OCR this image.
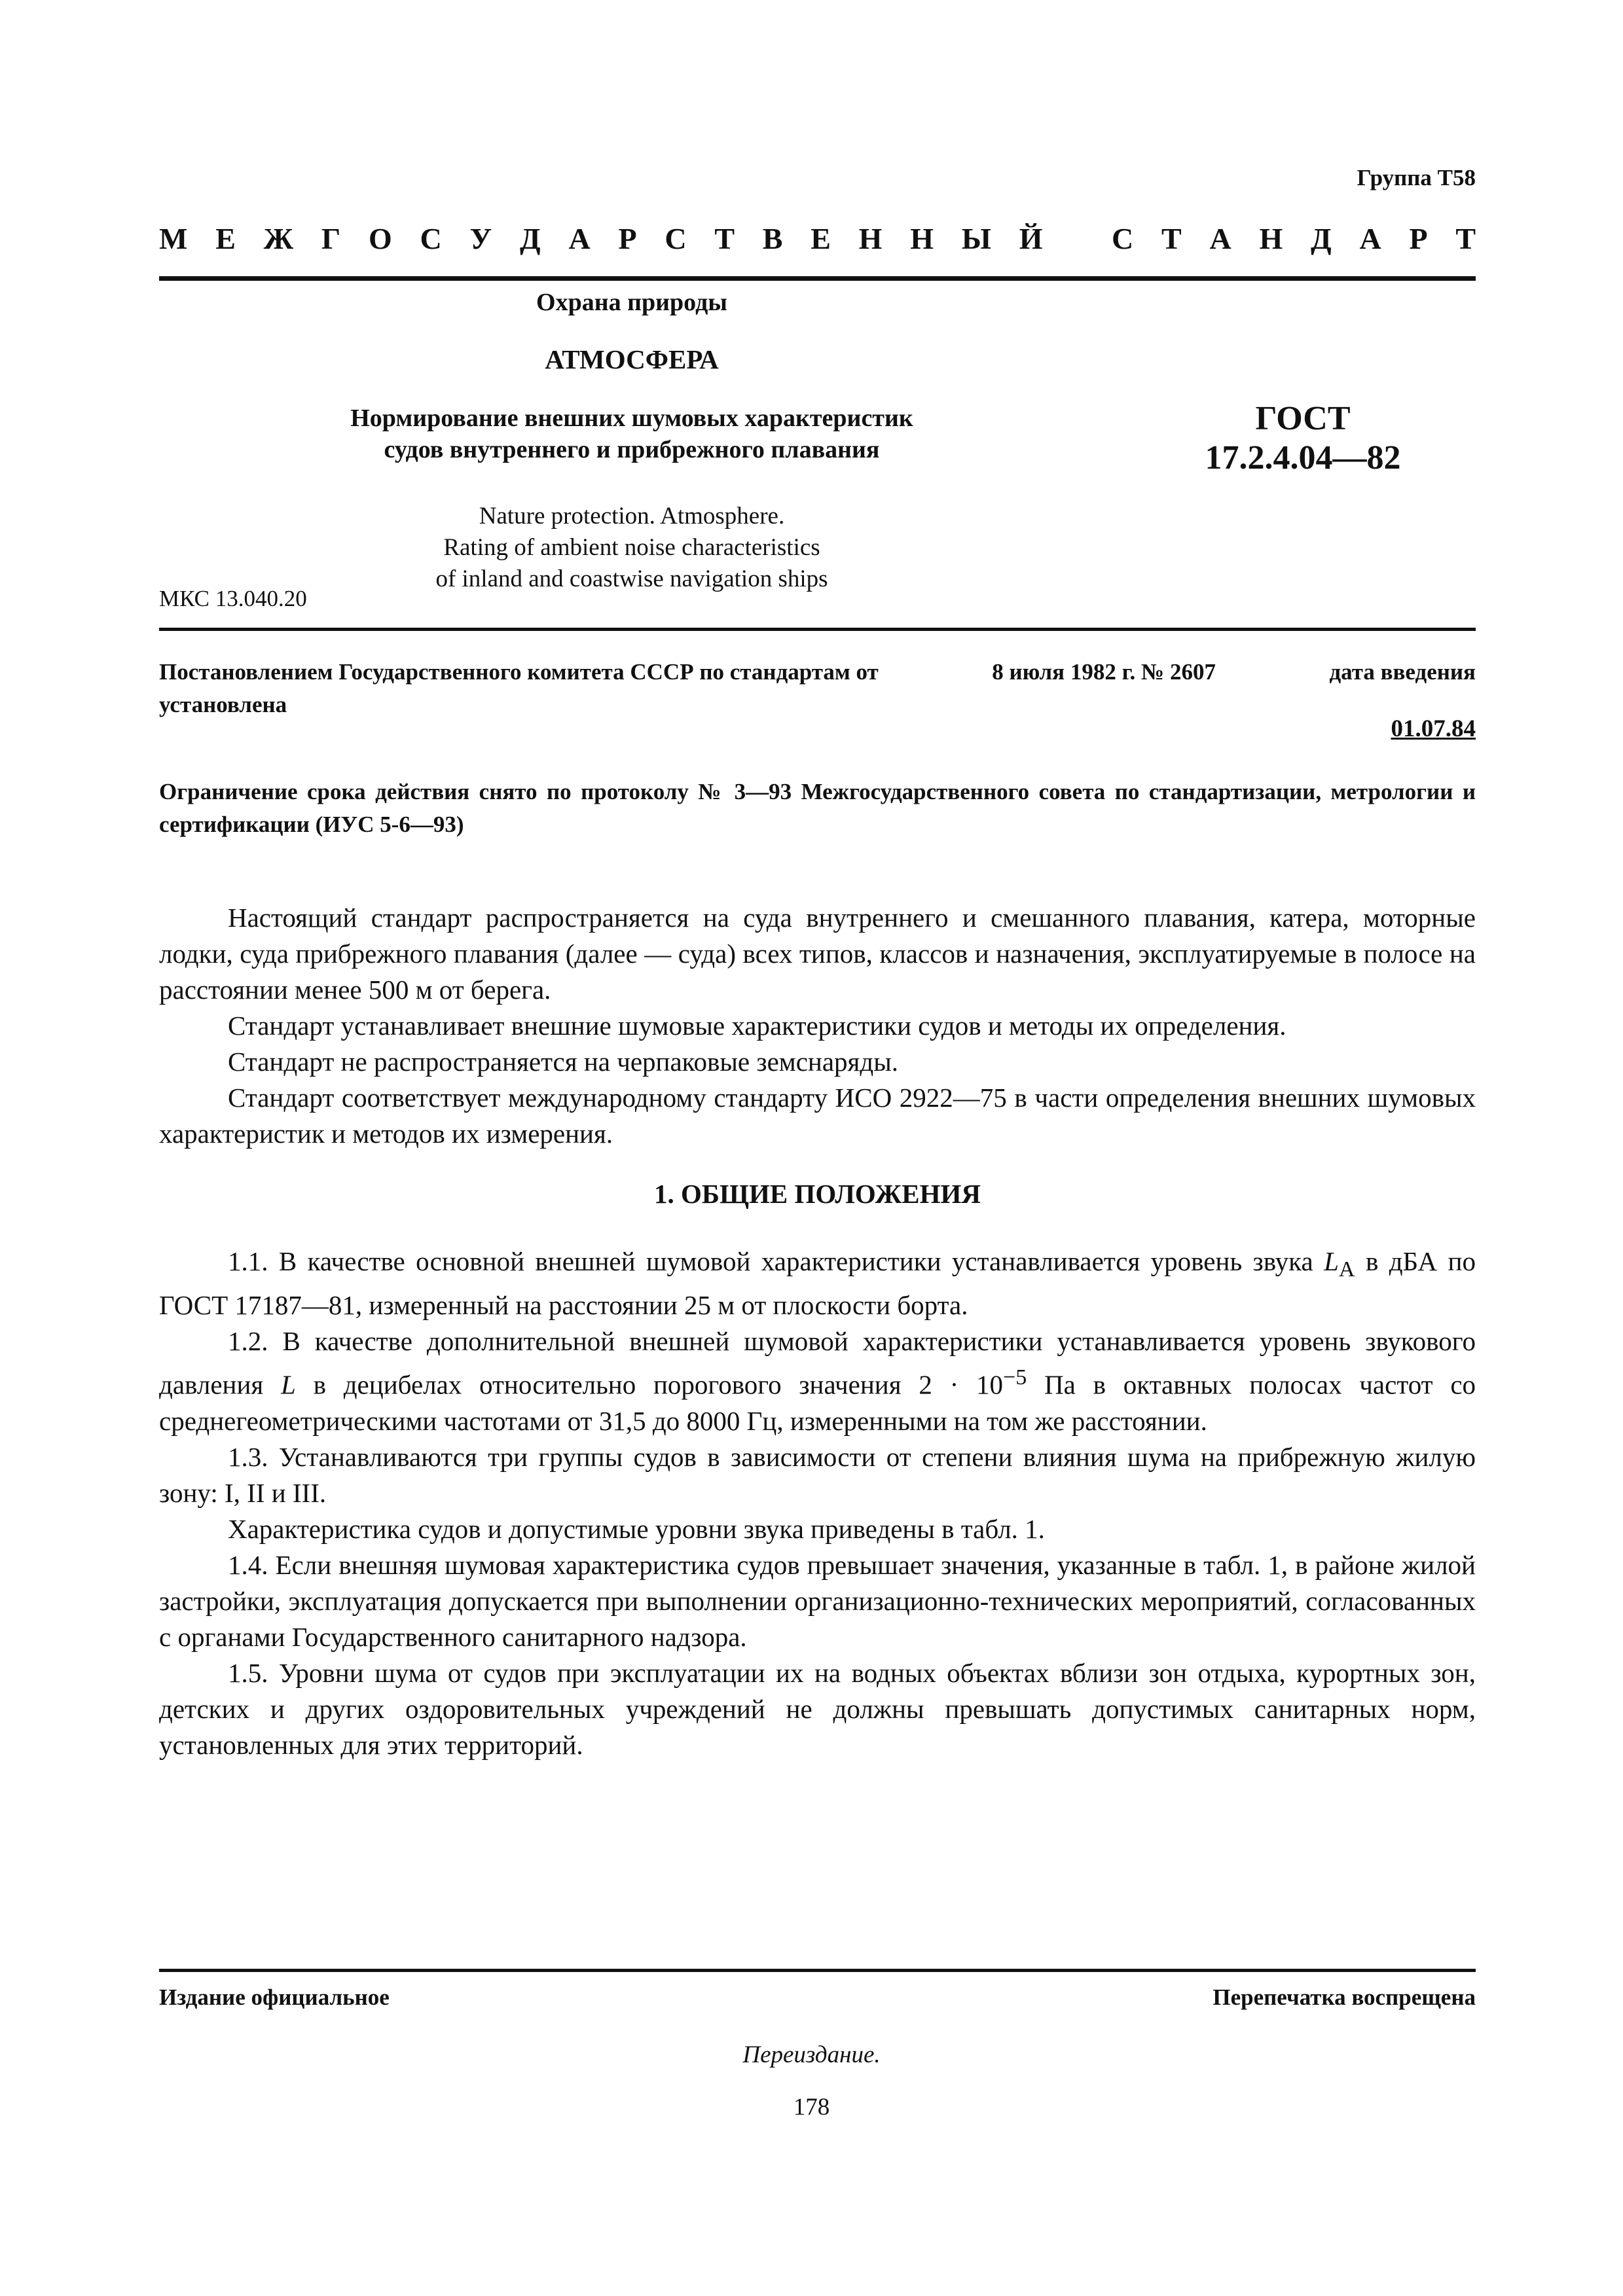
Группа Т58
М Е Ж Г О С У Д А Р С Т В Е Н Н Ы Й С Т А Н Д А Р Т
Охрана природы
АТМОСФЕРА
Нормирование внешних шумовых характеристик
судов внутреннего и прибрежного плавания
ГОСТ
17.2.4.04—82
Nature protection. Atmosphere.
Rating of ambient noise characteristics
of inland and coastwise navigation ships
МКС 13.040.20
Постановлением Государственного комитета СССР по стандартам от	8 июля 1982 г. № 2607	дата введения
установлена
01.07.84
Ограничение срока действия снято по протоколу № 3—93 Межгосударственного совета по стандартизации, метрологии и сертификации (ИУС 5-6—93)

Настоящий стандарт распространяется на суда внутреннего и смешанного плавания, катера, моторные лодки, суда прибрежного плавания (далее — суда) всех типов, классов и назначения, эксплуатируемые в полосе на расстоянии менее 500 м от берега.

Стандарт устанавливает внешние шумовые характеристики судов и методы их определения.

Стандарт не распространяется на черпаковые земснаряды.

Стандарт соответствует международному стандарту ИСО 2922—75 в части определения внешних шумовых характеристик и методов их измерения.

1. ОБЩИЕ ПОЛОЖЕНИЯ

1.1. В качестве основной внешней шумовой характеристики устанавливается уровень звука $L_А$ в дБА по ГОСТ 17187—81, измеренный на расстоянии 25 м от плоскости борта.

1.2. В качестве дополнительной внешней шумовой характеристики устанавливается уровень звукового давления L в децибелах относительно порогового значения $2 \cdot 10^{-5}$ Па в октавных полосах частот со среднегеометрическими частотами от 31,5 до 8000 Гц, измеренными на том же расстоянии.

1.3. Устанавливаются три группы судов в зависимости от степени влияния шума на прибрежную жилую зону: I, II и III.

Характеристика судов и допустимые уровни звука приведены в табл. 1.

1.4. Если внешняя шумовая характеристика судов превышает значения, указанные в табл. 1, в районе жилой застройки, эксплуатация допускается при выполнении организационно-технических мероприятий, согласованных с органами Государственного санитарного надзора.

1.5. Уровни шума от судов при эксплуатации их на водных объектах вблизи зон отдыха, курортных зон, детских и других оздоровительных учреждений не должны превышать допустимых санитарных норм, установленных для этих территорий.

Издание официальное	Перепечатка воспрещена
Переиздание.
178
